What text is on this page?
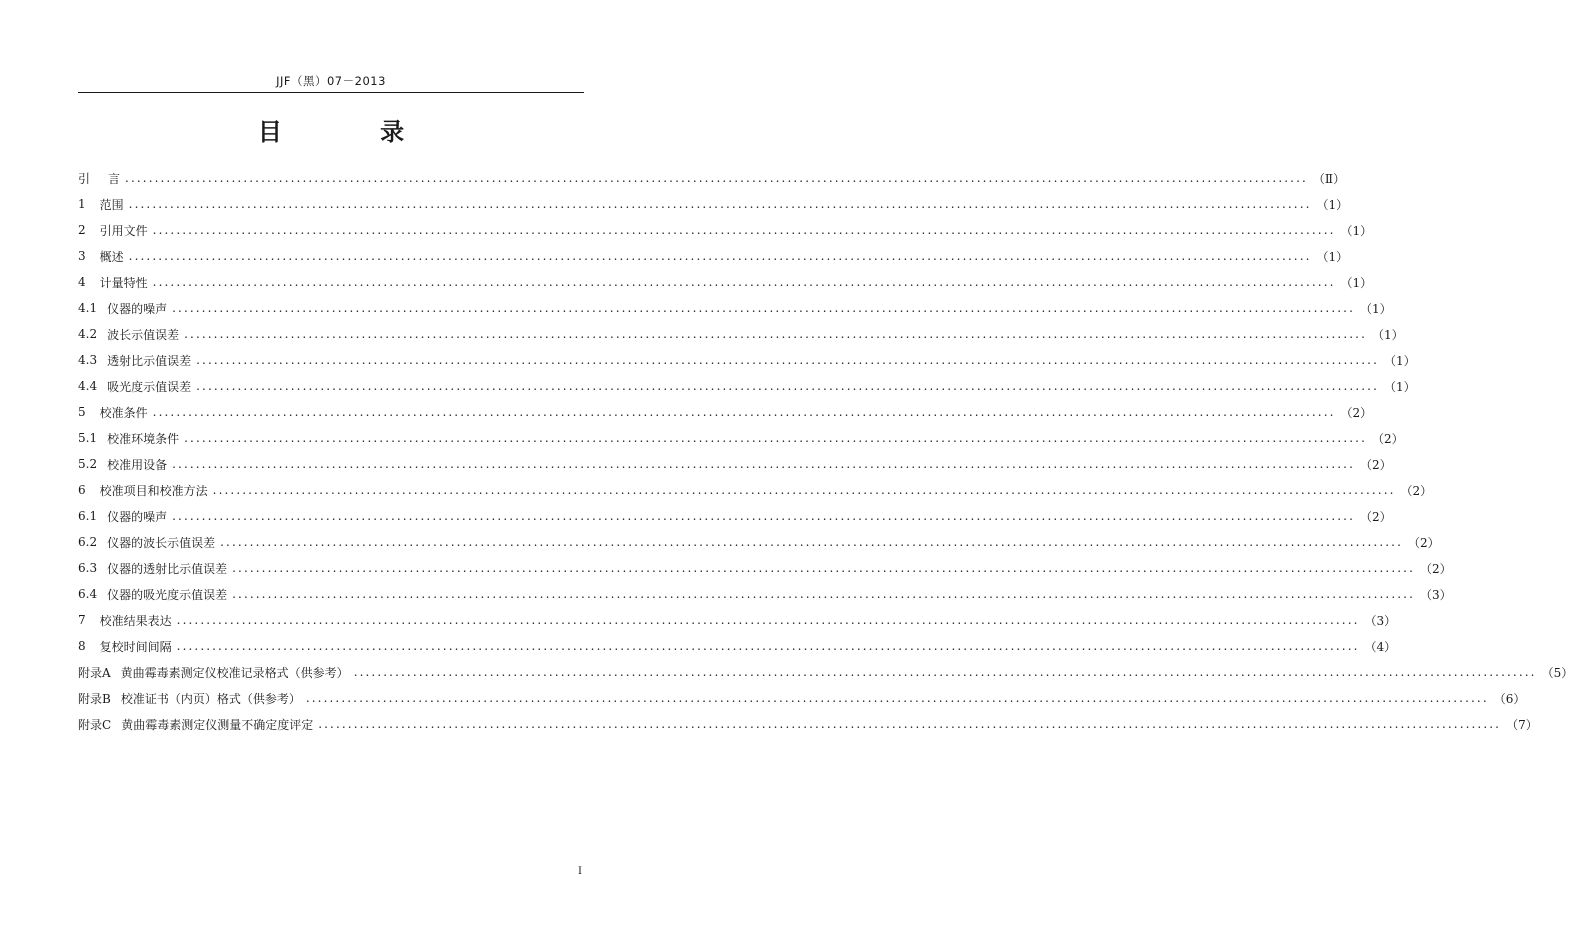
JJF（黑）07－2013
目 录
引 言 ........................................................................................................................................................................................................ （Ⅱ）
1 范围 ........................................................................................................................................................................................................ （1）
2 引用文件 ........................................................................................................................................................................................................ （1）
3 概述 ........................................................................................................................................................................................................ （1）
4 计量特性 ........................................................................................................................................................................................................ （1）
4.1 仪器的噪声 ........................................................................................................................................................................................................ （1）
4.2 波长示值误差 ........................................................................................................................................................................................................ （1）
4.3 透射比示值误差 ........................................................................................................................................................................................................ （1）
4.4 吸光度示值误差 ........................................................................................................................................................................................................ （1）
5 校准条件 ........................................................................................................................................................................................................ （2）
5.1 校准环境条件 ........................................................................................................................................................................................................ （2）
5.2 校准用设备 ........................................................................................................................................................................................................ （2）
6 校准项目和校准方法 ........................................................................................................................................................................................................ （2）
6.1 仪器的噪声 ........................................................................................................................................................................................................ （2）
6.2 仪器的波长示值误差 ........................................................................................................................................................................................................ （2）
6.3 仪器的透射比示值误差 ........................................................................................................................................................................................................ （2）
6.4 仪器的吸光度示值误差 ........................................................................................................................................................................................................ （3）
7 校准结果表达 ........................................................................................................................................................................................................ （3）
8 复校时间间隔 ........................................................................................................................................................................................................ （4）
附录A 黄曲霉毒素测定仪校准记录格式（供参考） ........................................................................................................................................................................................................ （5）
附录B 校准证书（内页）格式（供参考） ........................................................................................................................................................................................................ （6）
附录C 黄曲霉毒素测定仪测量不确定度评定 ........................................................................................................................................................................................................ （7）
I
